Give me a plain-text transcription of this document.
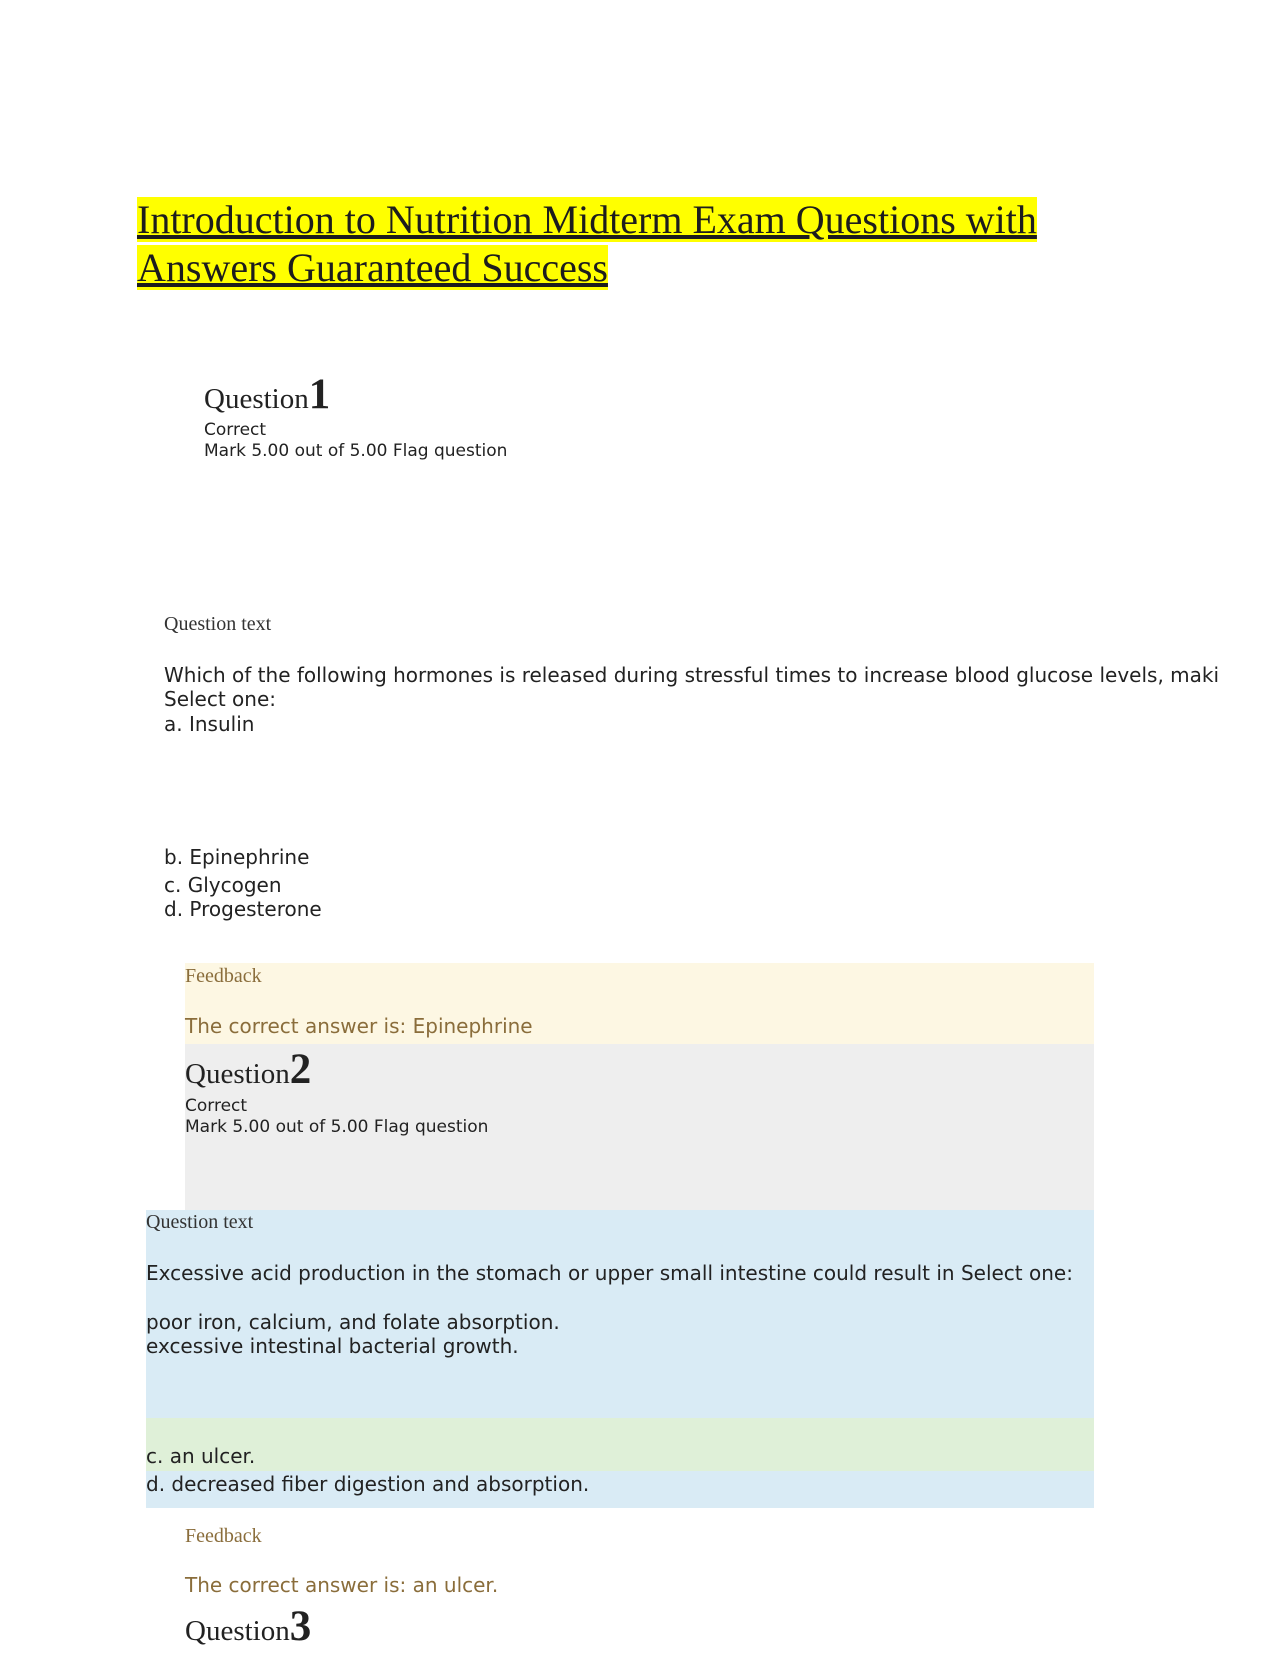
Introduction to Nutrition Midterm Exam Questions with Answers Guaranteed Success
Question1
Correct
Mark 5.00 out of 5.00 Flag question
Question text
Which of the following hormones is released during stressful times to increase blood glucose levels, maki
Select one:
a. Insulin
b. Epinephrine
c. Glycogen
d. Progesterone
Feedback
The correct answer is: Epinephrine
Question2
Correct
Mark 5.00 out of 5.00 Flag question
Question text
Excessive acid production in the stomach or upper small intestine could result in Select one:
poor iron, calcium, and folate absorption.
excessive intestinal bacterial growth.
c. an ulcer.
d. decreased fiber digestion and absorption.
Feedback
The correct answer is: an ulcer.
Question3
